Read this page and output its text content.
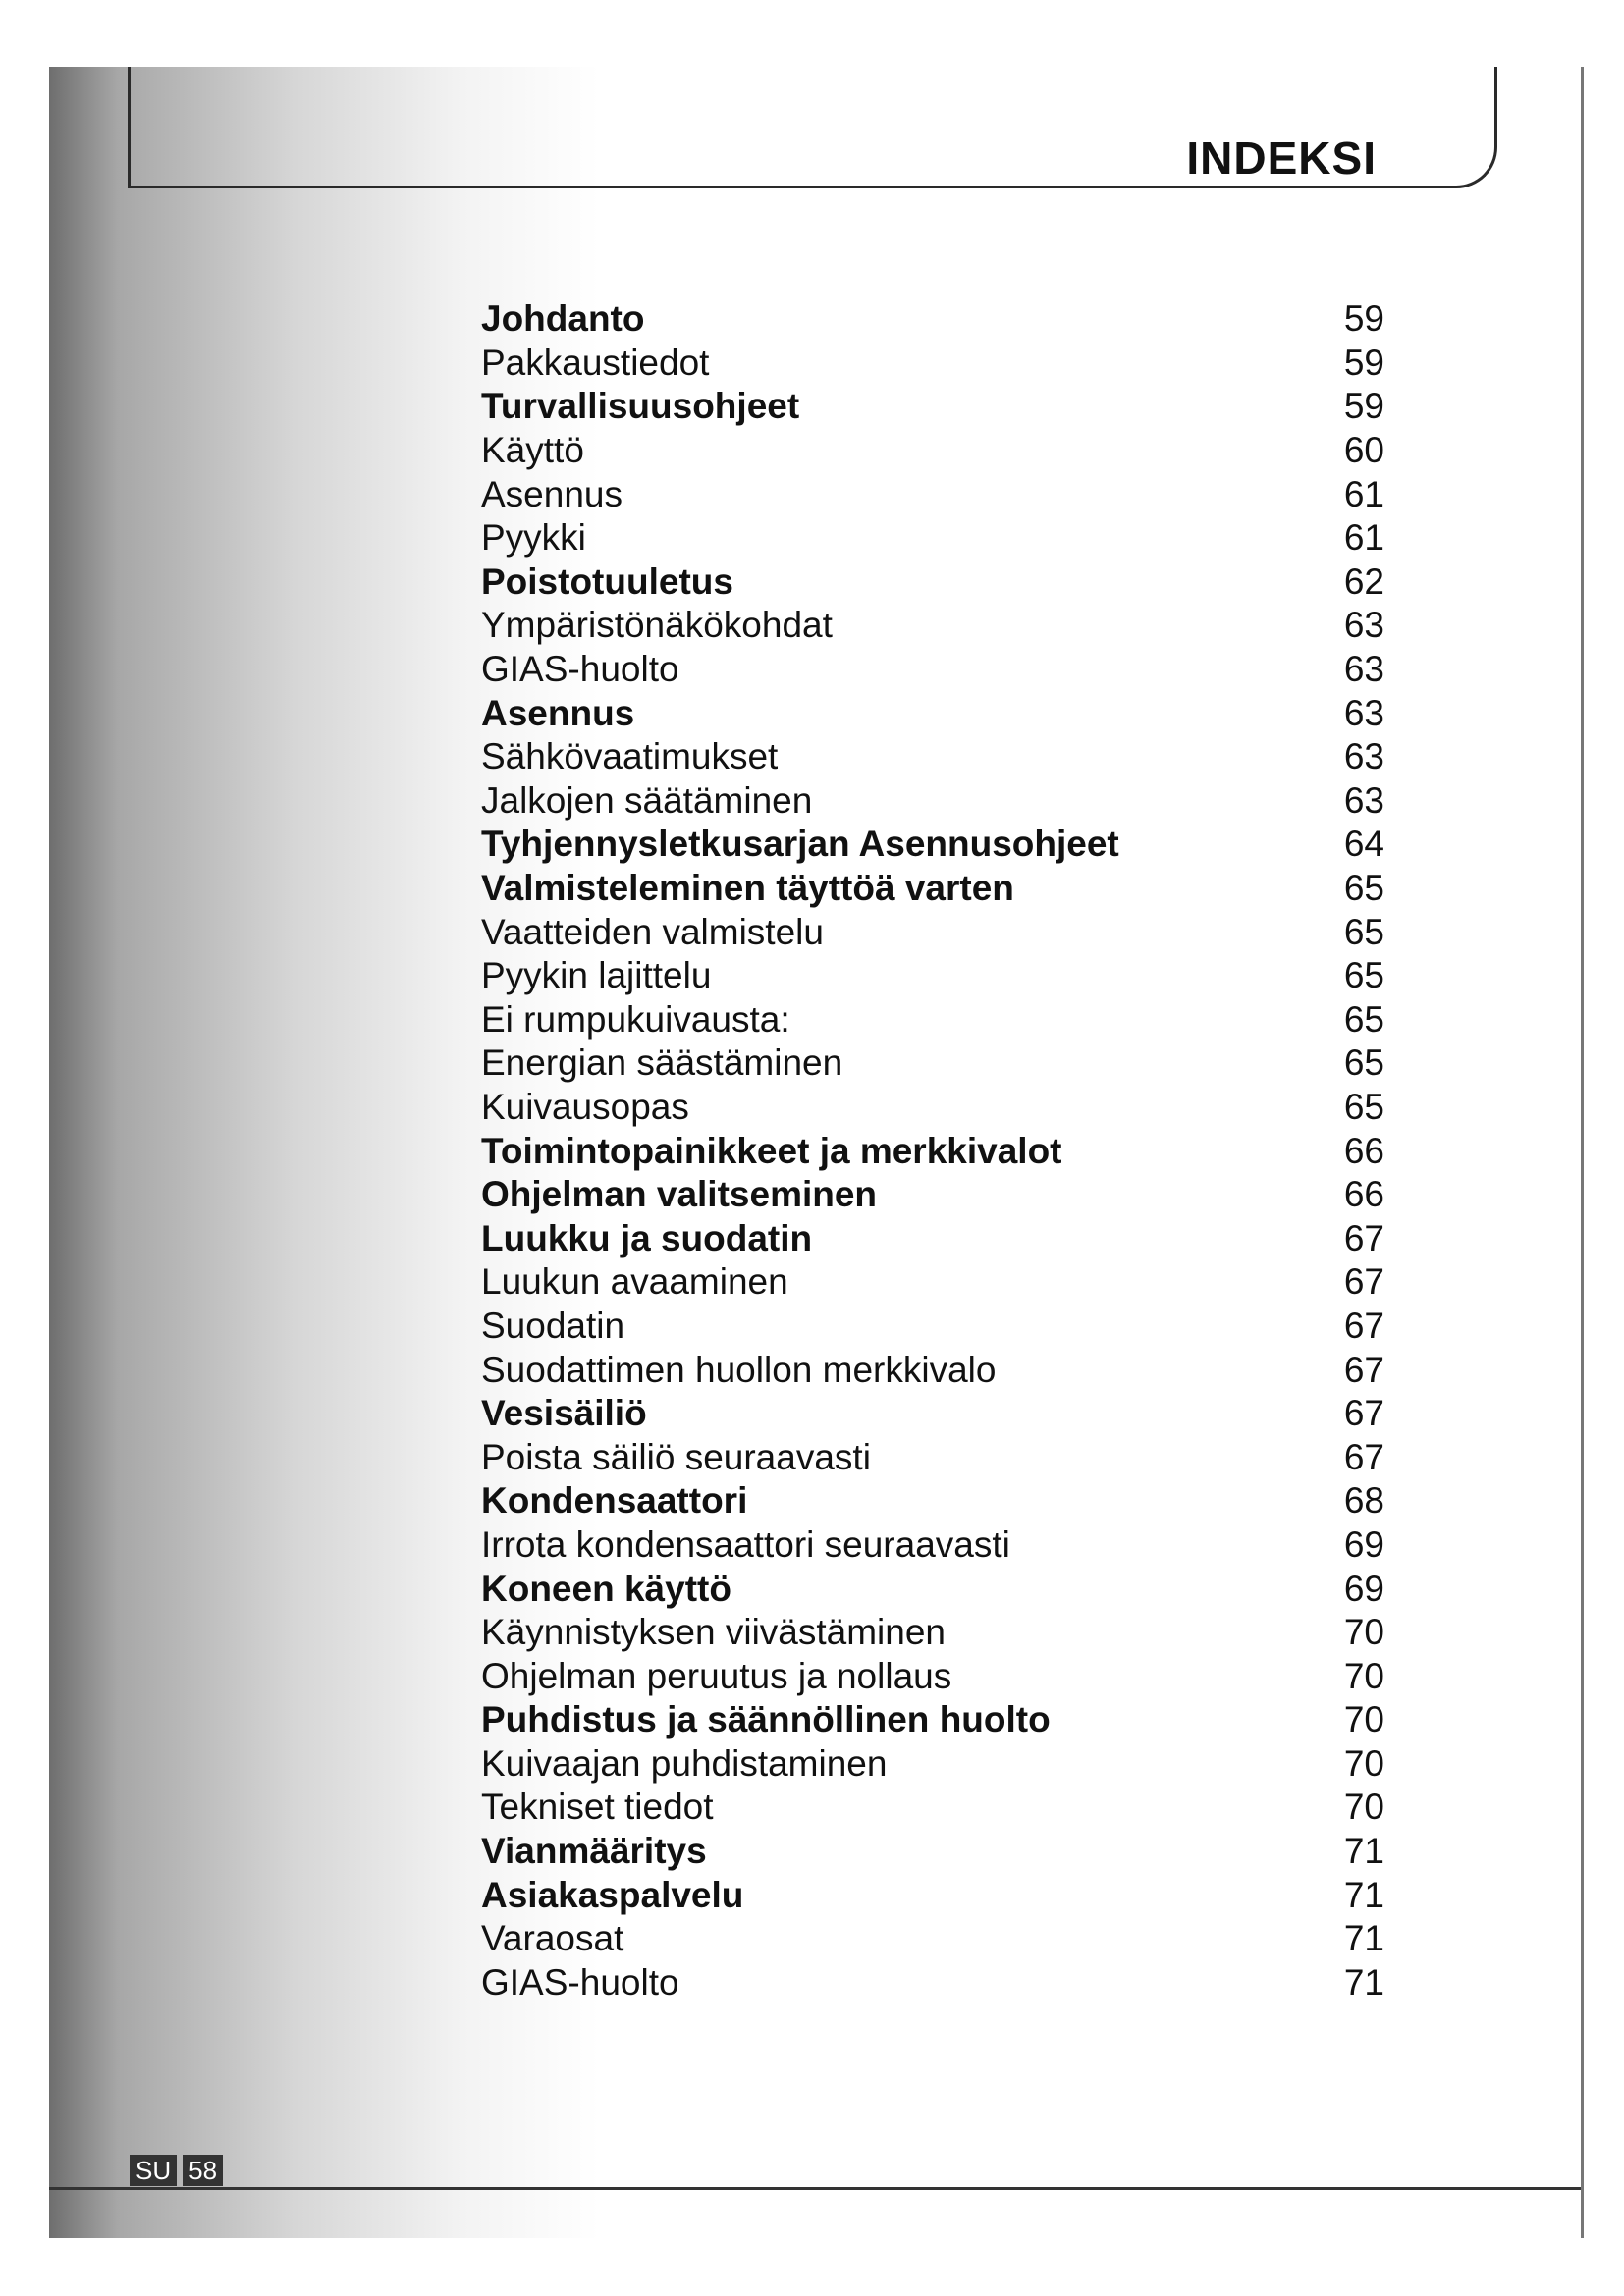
INDEKSI
Johdanto	59
Pakkaustiedot	59
Turvallisuusohjeet	59
Käyttö	60
Asennus	61
Pyykki	61
Poistotuuletus	62
Ympäristönäkökohdat	63
GIAS-huolto	63
Asennus	63
Sähkövaatimukset	63
Jalkojen säätäminen	63
Tyhjennysletkusarjan Asennusohjeet	64
Valmisteleminen täyttöä varten	65
Vaatteiden valmistelu	65
Pyykin lajittelu	65
Ei rumpukuivausta:	65
Energian säästäminen	65
Kuivausopas	65
Toimintopainikkeet ja merkkivalot	66
Ohjelman valitseminen	66
Luukku ja suodatin	67
Luukun avaaminen	67
Suodatin	67
Suodattimen huollon merkkivalo	67
Vesisäiliö	67
Poista säiliö seuraavasti	67
Kondensaattori	68
Irrota kondensaattori seuraavasti	69
Koneen käyttö	69
Käynnistyksen viivästäminen	70
Ohjelman peruutus ja nollaus	70
Puhdistus ja säännöllinen huolto	70
Kuivaajan puhdistaminen	70
Tekniset tiedot	70
Vianmääritys	71
Asiakaspalvelu	71
Varaosat	71
GIAS-huolto	71
SU 58
